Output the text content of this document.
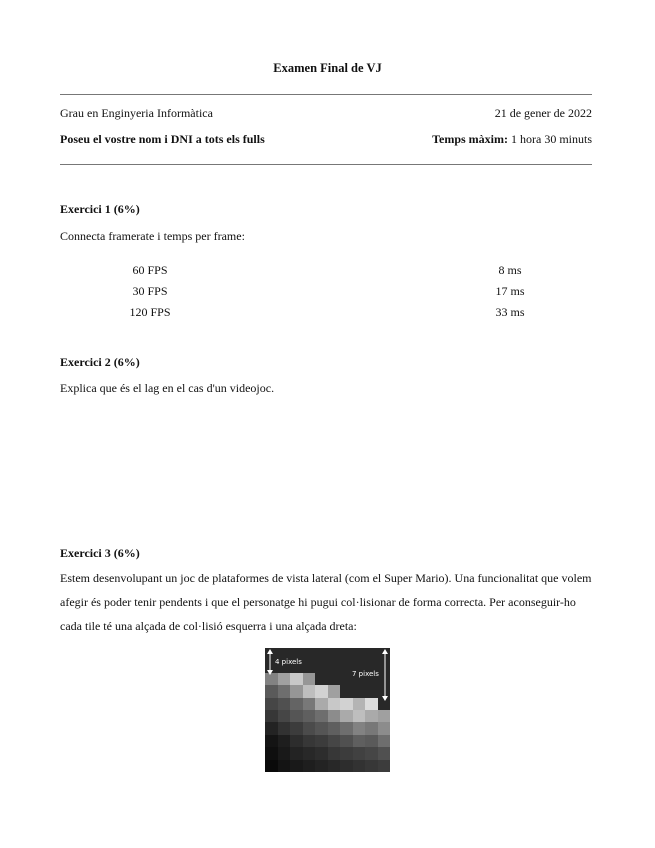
Examen Final de VJ
Grau en Enginyeria Informàtica	21 de gener de 2022
Poseu el vostre nom i DNI a tots els fulls	Temps màxim: 1 hora 30 minuts
Exercici 1 (6%)
Connecta framerate i temps per frame:
60 FPS	8 ms
30 FPS	17 ms
120 FPS	33 ms
Exercici 2 (6%)
Explica que és el lag en el cas d'un videojoc.
Exercici 3 (6%)
Estem desenvolupant un joc de plataformes de vista lateral (com el Super Mario). Una funcionalitat que volem afegir és poder tenir pendents i que el personatge hi pugui col·lisionar de forma correcta. Per aconseguir-ho cada tile té una alçada de col·lisió esquerra i una alçada dreta:
4 pixels
7 pixels
